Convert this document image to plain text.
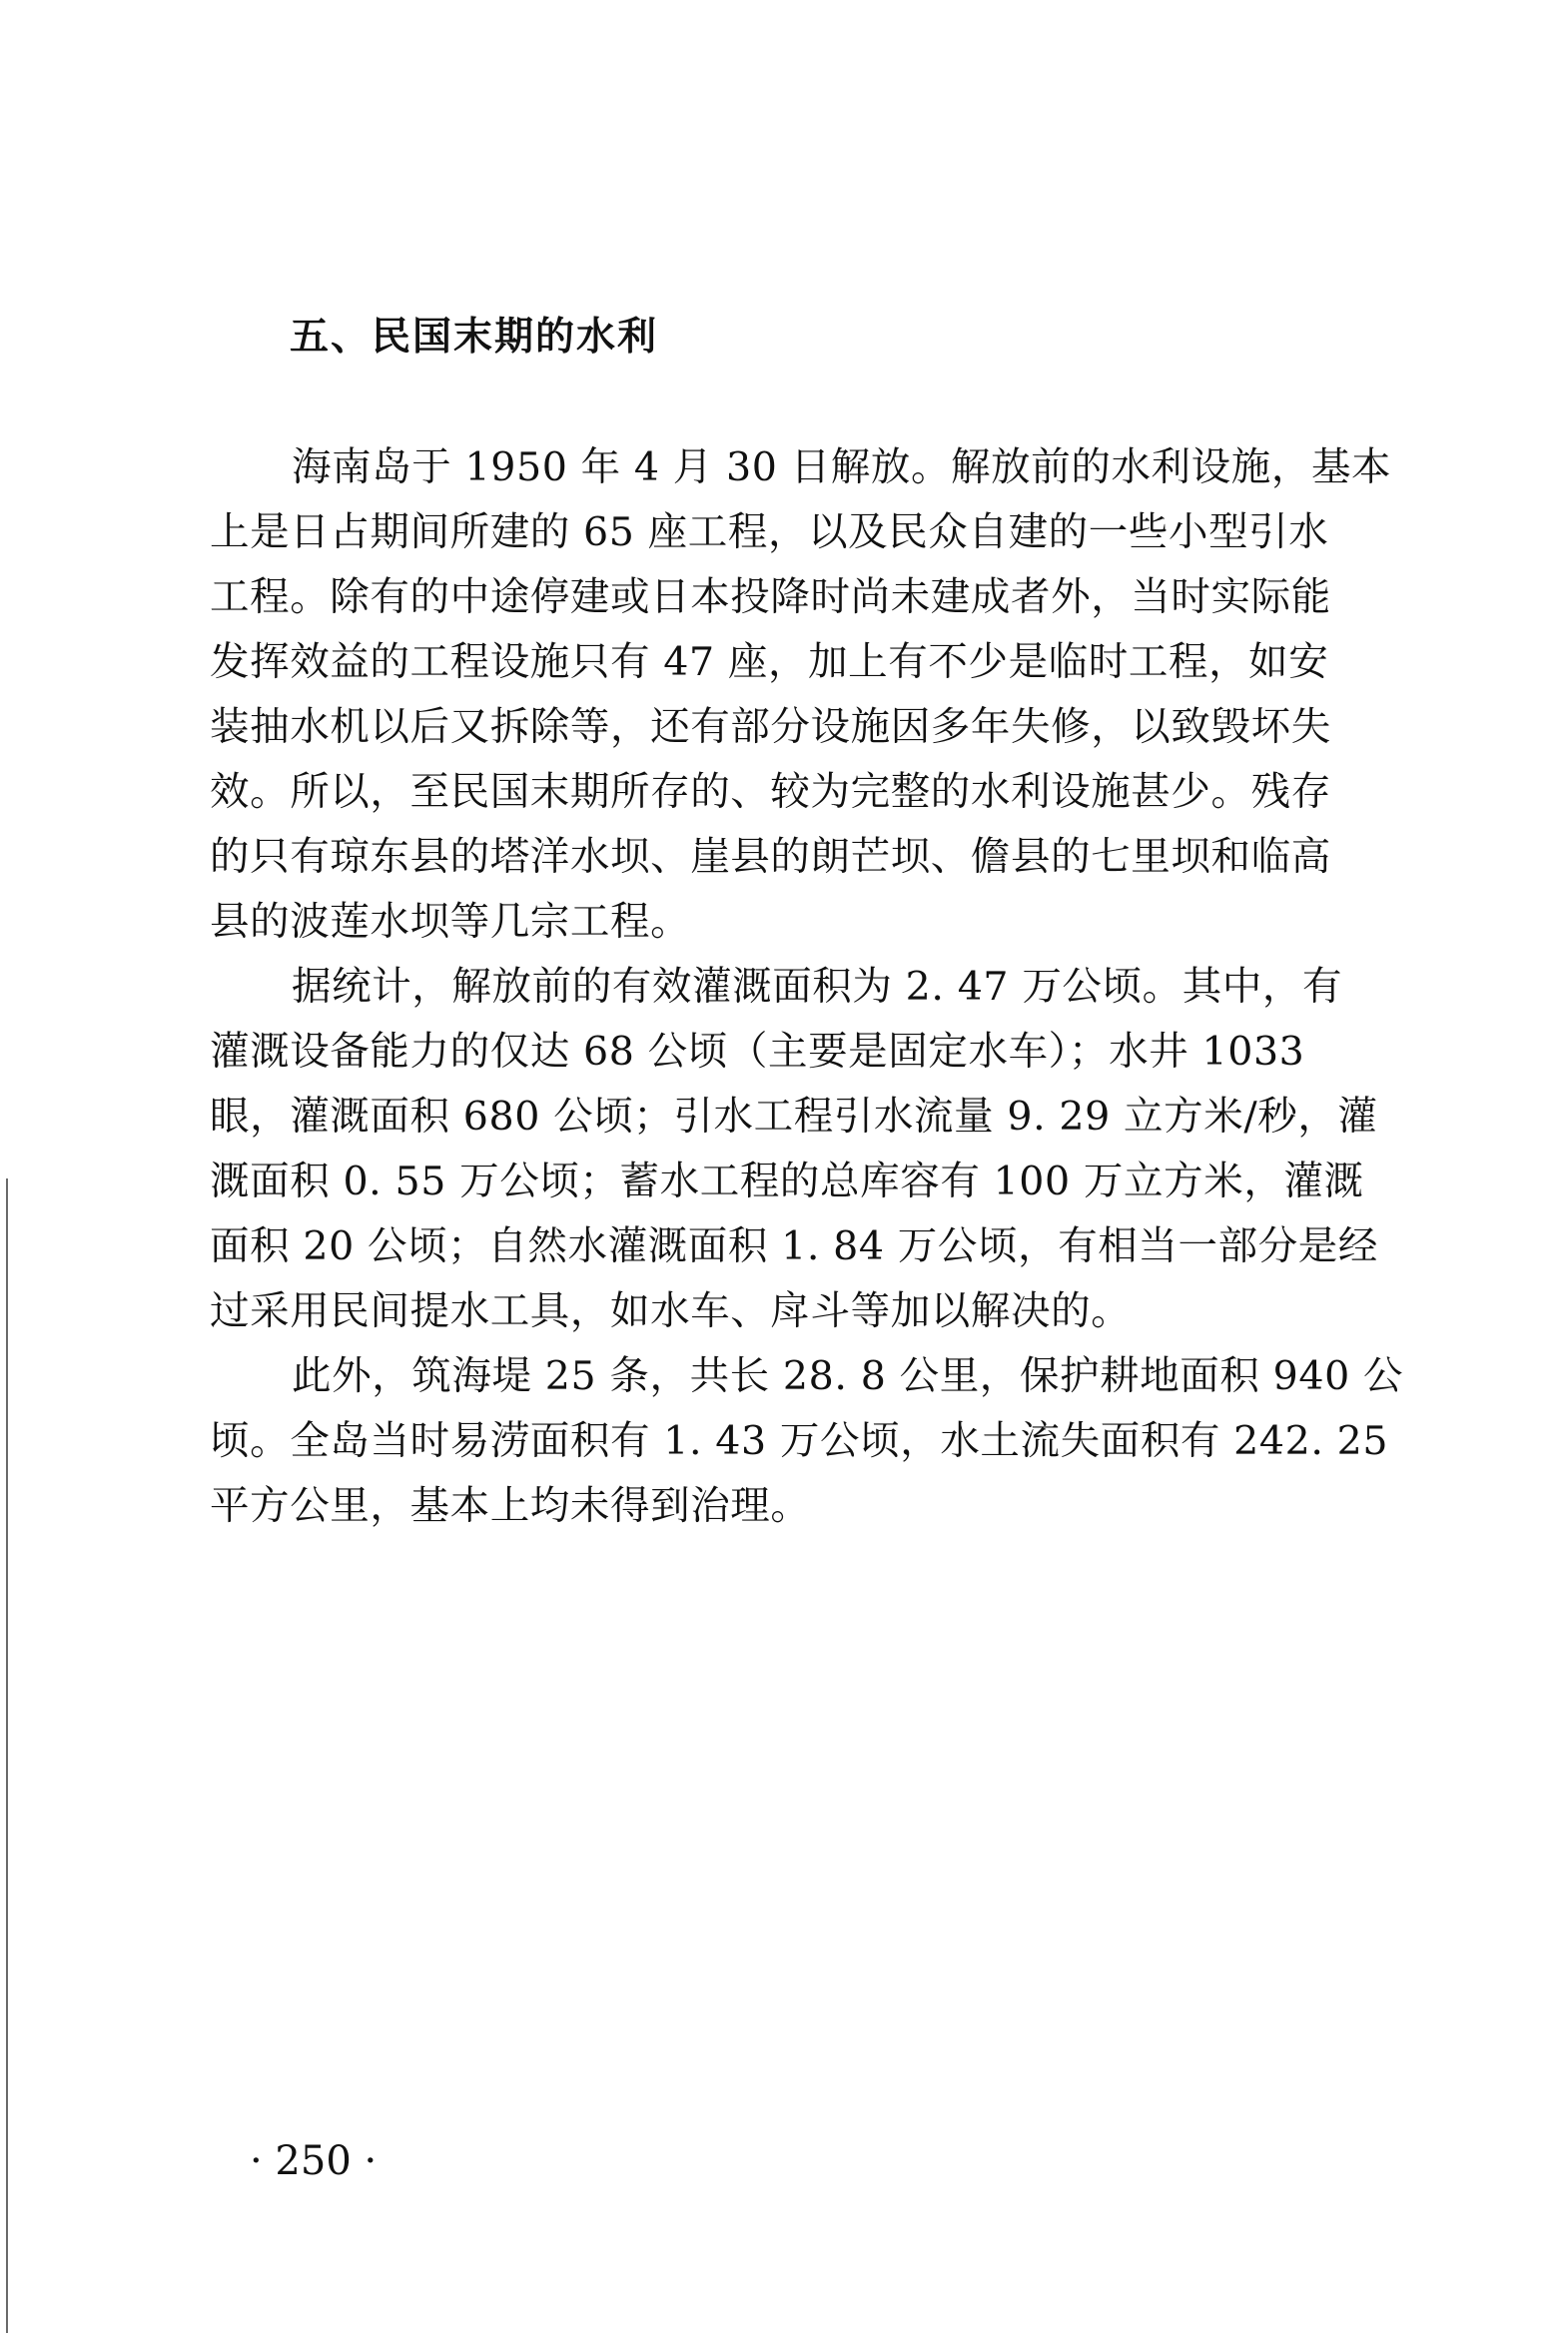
五、民国末期的水利
海南岛于 1950 年 4 月 30 日解放。解放前的水利设施，基本
上是日占期间所建的 65 座工程，以及民众自建的一些小型引水
工程。除有的中途停建或日本投降时尚未建成者外，当时实际能
发挥效益的工程设施只有 47 座，加上有不少是临时工程，如安
装抽水机以后又拆除等，还有部分设施因多年失修，以致毁坏失
效。所以，至民国末期所存的、较为完整的水利设施甚少。残存
的只有琼东县的塔洋水坝、崖县的朗芒坝、儋县的七里坝和临高
县的波莲水坝等几宗工程。
据统计，解放前的有效灌溉面积为 2. 47 万公顷。其中，有
灌溉设备能力的仅达 68 公顷（主要是固定水车）；水井 1033
眼，灌溉面积 680 公顷；引水工程引水流量 9. 29 立方米/秒，灌
溉面积 0. 55 万公顷；蓄水工程的总库容有 100 万立方米，灌溉
面积 20 公顷；自然水灌溉面积 1. 84 万公顷，有相当一部分是经
过采用民间提水工具，如水车、戽斗等加以解决的。
此外，筑海堤 25 条，共长 28. 8 公里，保护耕地面积 940 公
顷。全岛当时易涝面积有 1. 43 万公顷，水土流失面积有 242. 25
平方公里，基本上均未得到治理。
· 250 ·
